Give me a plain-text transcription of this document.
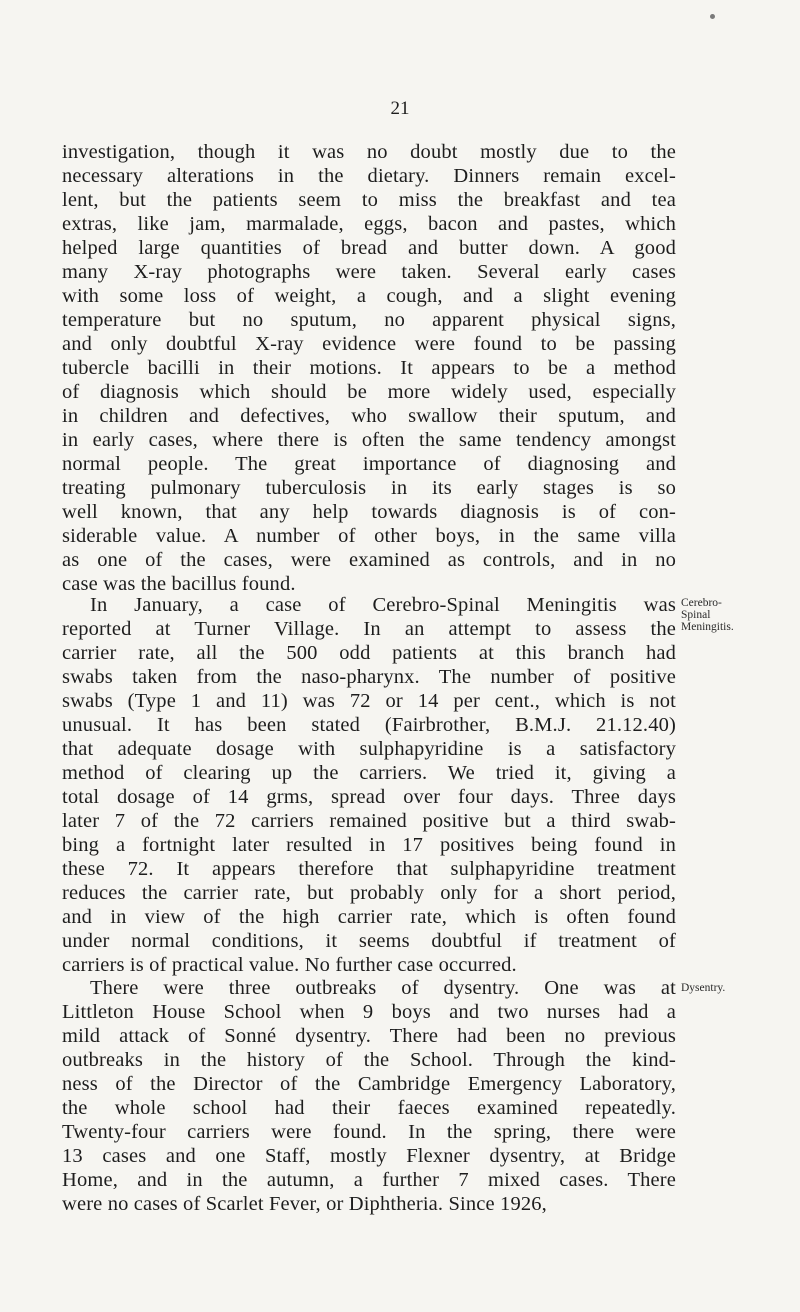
21
investigation, though it was no doubt mostly due to the
necessary alterations in the dietary. Dinners remain excel-
lent, but the patients seem to miss the breakfast and tea
extras, like jam, marmalade, eggs, bacon and pastes, which
helped large quantities of bread and butter down. A good
many X-ray photographs were taken. Several early cases
with some loss of weight, a cough, and a slight evening
temperature but no sputum, no apparent physical signs,
and only doubtful X-ray evidence were found to be passing
tubercle bacilli in their motions. It appears to be a method
of diagnosis which should be more widely used, especially
in children and defectives, who swallow their sputum, and
in early cases, where there is often the same tendency amongst
normal people. The great importance of diagnosing and
treating pulmonary tuberculosis in its early stages is so
well known, that any help towards diagnosis is of con-
siderable value. A number of other boys, in the same villa
as one of the cases, were examined as controls, and in no
case was the bacillus found.
In January, a case of Cerebro-Spinal Meningitis was
reported at Turner Village. In an attempt to assess the
carrier rate, all the 500 odd patients at this branch had
swabs taken from the naso-pharynx. The number of positive
swabs (Type 1 and 11) was 72 or 14 per cent., which is not
unusual. It has been stated (Fairbrother, B.M.J. 21.12.40)
that adequate dosage with sulphapyridine is a satisfactory
method of clearing up the carriers. We tried it, giving a
total dosage of 14 grms, spread over four days. Three days
later 7 of the 72 carriers remained positive but a third swab-
bing a fortnight later resulted in 17 positives being found in
these 72. It appears therefore that sulphapyridine treatment
reduces the carrier rate, but probably only for a short period,
and in view of the high carrier rate, which is often found
under normal conditions, it seems doubtful if treatment of
carriers is of practical value. No further case occurred.
There were three outbreaks of dysentry. One was at
Littleton House School when 9 boys and two nurses had a
mild attack of Sonné dysentry. There had been no previous
outbreaks in the history of the School. Through the kind-
ness of the Director of the Cambridge Emergency Laboratory,
the whole school had their faeces examined repeatedly.
Twenty-four carriers were found. In the spring, there were
13 cases and one Staff, mostly Flexner dysentry, at Bridge
Home, and in the autumn, a further 7 mixed cases. There
were no cases of Scarlet Fever, or Diphtheria. Since 1926,
Cerebro-
Spinal
Meningitis.
Dysentry.
